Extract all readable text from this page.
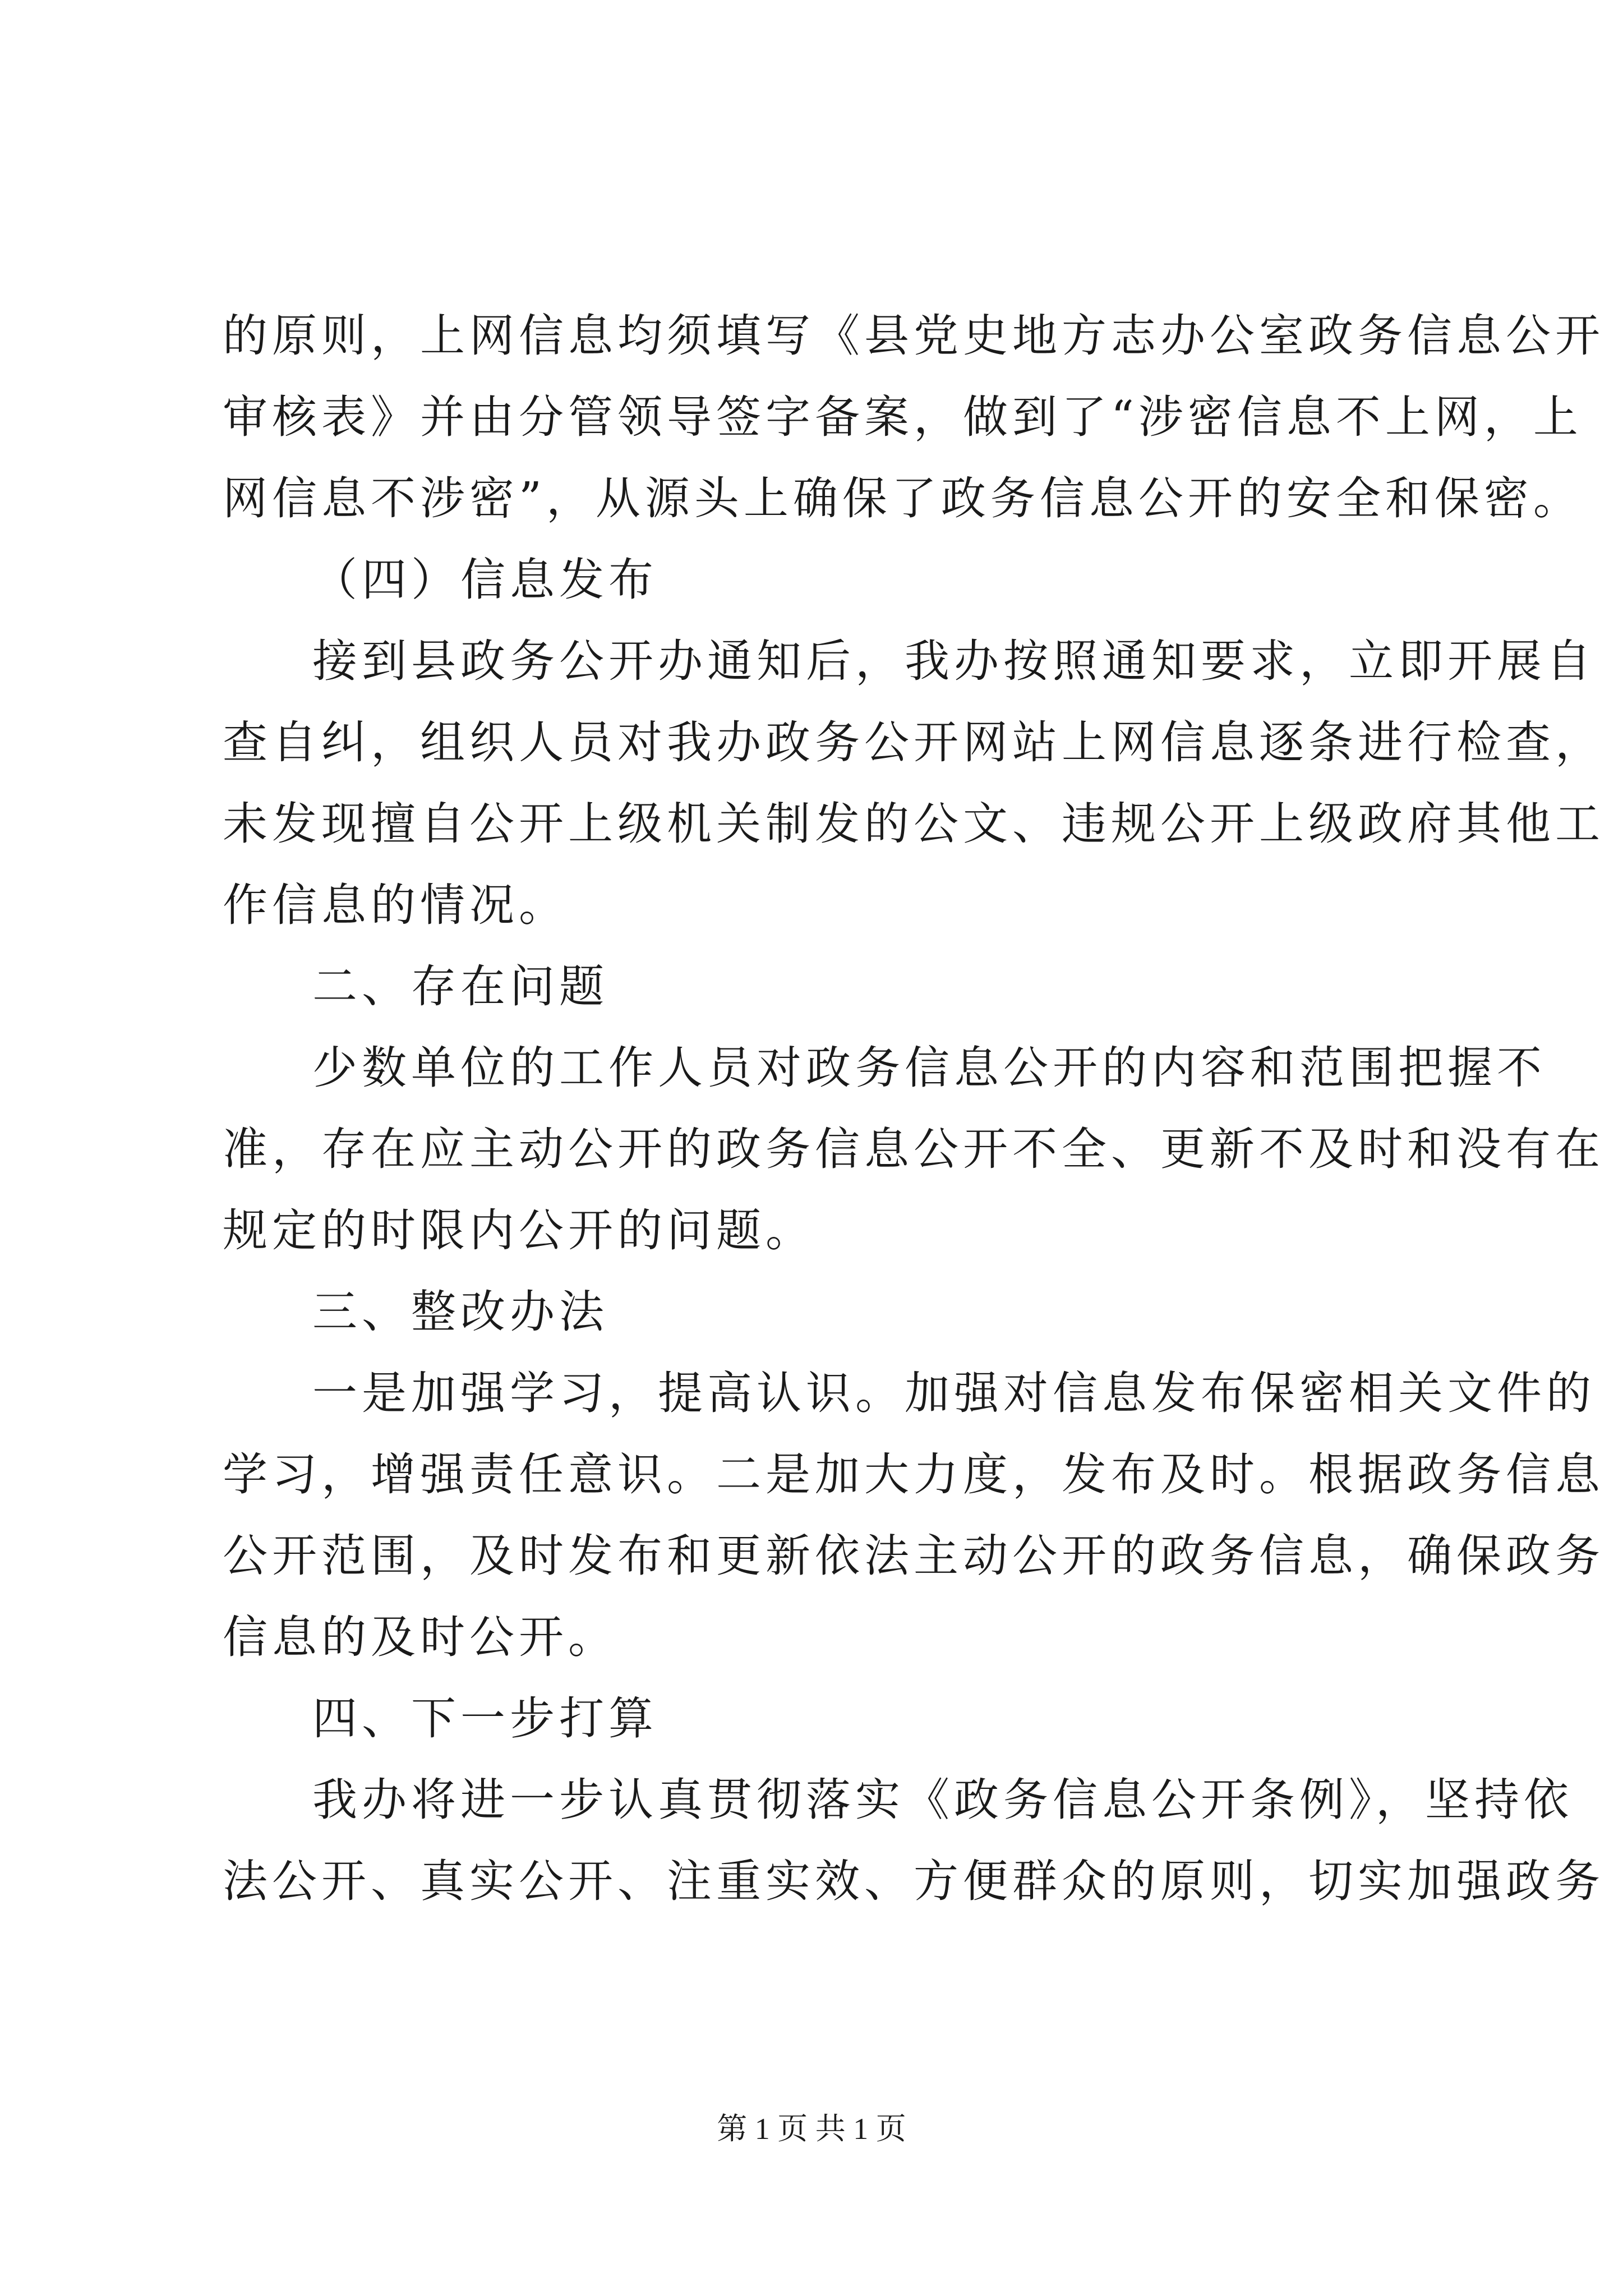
的原则，上网信息均须填写《县党史地方志办公室政务信息公开
审核表》并由分管领导签字备案，做到了“涉密信息不上网，上
网信息不涉密”，从源头上确保了政务信息公开的安全和保密。
（四）信息发布
接到县政务公开办通知后，我办按照通知要求，立即开展自
查自纠，组织人员对我办政务公开网站上网信息逐条进行检查，
未发现擅自公开上级机关制发的公文、违规公开上级政府其他工
作信息的情况。
二、存在问题
少数单位的工作人员对政务信息公开的内容和范围把握不
准，存在应主动公开的政务信息公开不全、更新不及时和没有在
规定的时限内公开的问题。
三、整改办法
一是加强学习，提高认识。加强对信息发布保密相关文件的
学习，增强责任意识。二是加大力度，发布及时。根据政务信息
公开范围，及时发布和更新依法主动公开的政务信息，确保政务
信息的及时公开。
四、下一步打算
我办将进一步认真贯彻落实《政务信息公开条例》，坚持依
法公开、真实公开、注重实效、方便群众的原则，切实加强政务
第 1 页 共 1 页
